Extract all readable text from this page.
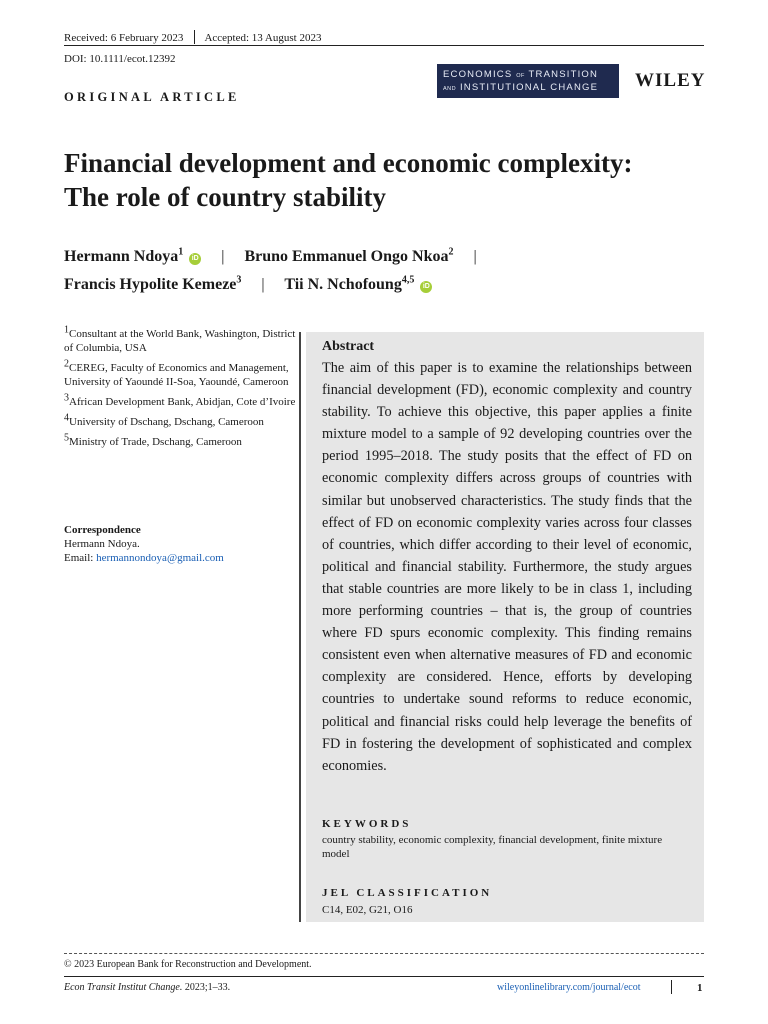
Received: 6 February 2023 Accepted: 13 August 2023
DOI: 10.1111/ecot.12392
ECONOMICS OF TRANSITION
AND INSTITUTIONAL CHANGE	WILEY
ORIGINAL ARTICLE
Financial development and economic complexity:
The role of country stability
Hermann Ndoya$^1$iD | Bruno Emmanuel Ongo Nkoa$^2$ |
Francis Hypolite Kemeze$^3$ | Tii N. Nchofoung$^{4,5}$iD

$^1$Consultant at the World Bank, Washington, District of Columbia, USA

$^2$CEREG, Faculty of Economics and Management, University of Yaoundé II-Soa, Yaoundé, Cameroon

$^3$African Development Bank, Abidjan, Cote d’Ivoire

$^4$University of Dschang, Dschang, Cameroon

$^5$Ministry of Trade, Dschang, Cameroon

Correspondence
Hermann Ndoya.
Email: hermannondoya@gmail.com
Abstract

The aim of this paper is to examine the relationships between financial development (FD), economic complexity and country stability. To achieve this objective, this paper applies a finite mixture model to a sample of 92 developing countries over the period 1995–2018. The study posits that the effect of FD on economic complexity differs across groups of countries with similar but unobserved characteristics. The study finds that the effect of FD on economic complexity varies across four classes of countries, which differ according to their level of economic, political and financial stability. Furthermore, the study argues that stable countries are more likely to be in class 1, including more performing countries – that is, the group of countries where FD spurs economic complexity. This finding remains consistent even when alternative measures of FD and economic complexity are considered. Hence, efforts by developing countries to undertake sound reforms to reduce economic, political and financial risks could help leverage the benefits of FD in fostering the development of sophisticated and complex economies.

KEYWORDS
country stability, economic complexity, financial development, finite mixture model
JEL CLASSIFICATION
C14, E02, G21, O16
© 2023 European Bank for Reconstruction and Development.
Econ Transit Institut Change. 2023;1–33.	wileyonlinelibrary.com/journal/ecot	1
